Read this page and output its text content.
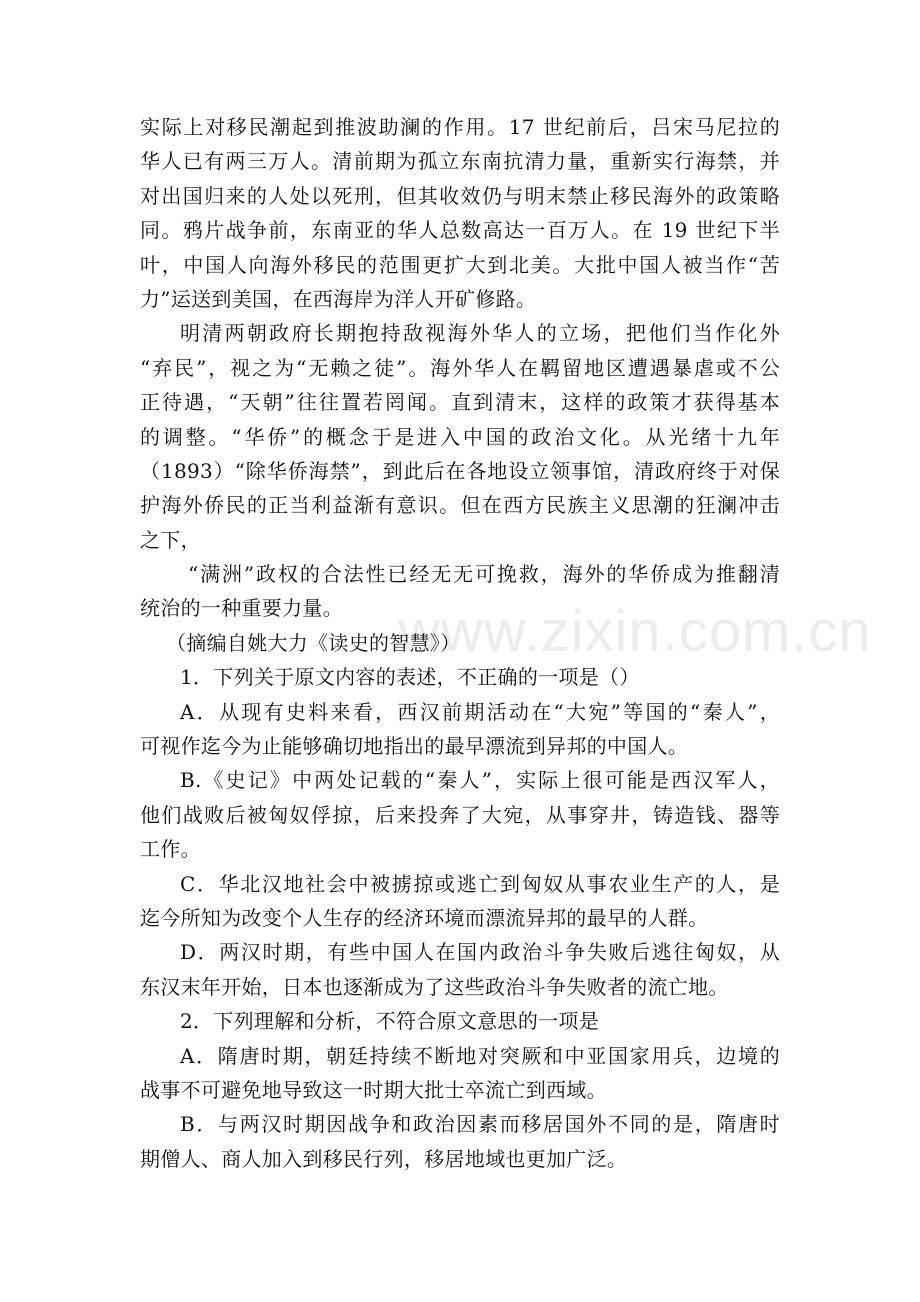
www.zixin.com.cn
实际上对移民潮起到推波助澜的作用。17 世纪前后，吕宋马尼拉的
华人已有两三万人。清前期为孤立东南抗清力量，重新实行海禁，并
对出国归来的人处以死刑，但其收效仍与明末禁止移民海外的政策略
同。鸦片战争前，东南亚的华人总数高达一百万人。在 19 世纪下半
叶，中国人向海外移民的范围更扩大到北美。大批中国人被当作“苦
力”运送到美国，在西海岸为洋人开矿修路。
明清两朝政府长期抱持敌视海外华人的立场，把他们当作化外
“弃民”，视之为“无赖之徒”。海外华人在羁留地区遭遇暴虐或不公
正待遇，“天朝”往往置若罔闻。直到清末，这样的政策才获得基本
的调整。“华侨”的概念于是进入中国的政治文化。从光绪十九年
（1893）“除华侨海禁”，到此后在各地设立领事馆，清政府终于对保
护海外侨民的正当利益渐有意识。但在西方民族主义思潮的狂澜冲击
之下，
“满洲”政权的合法性已经无无可挽救，海外的华侨成为推翻清
统治的一种重要力量。
（摘编自姚大力《读史的智慧》）
1．下列关于原文内容的表述，不正确的一项是（）
A．从现有史料来看，西汉前期活动在“大宛”等国的“秦人”，
可视作迄今为止能够确切地指出的最早漂流到异邦的中国人。
B.《史记》中两处记载的“秦人”，实际上很可能是西汉军人，
他们战败后被匈奴俘掠，后来投奔了大宛，从事穿井，铸造钱、器等
工作。
C．华北汉地社会中被掳掠或逃亡到匈奴从事农业生产的人，是
迄今所知为改变个人生存的经济环境而漂流异邦的最早的人群。
D．两汉时期，有些中国人在国内政治斗争失败后逃往匈奴，从
东汉末年开始，日本也逐渐成为了这些政治斗争失败者的流亡地。
2．下列理解和分析，不符合原文意思的一项是
A．隋唐时期，朝廷持续不断地对突厥和中亚国家用兵，边境的
战事不可避免地导致这一时期大批士卒流亡到西域。
B．与两汉时期因战争和政治因素而移居国外不同的是，隋唐时
期僧人、商人加入到移民行列，移居地域也更加广泛。
